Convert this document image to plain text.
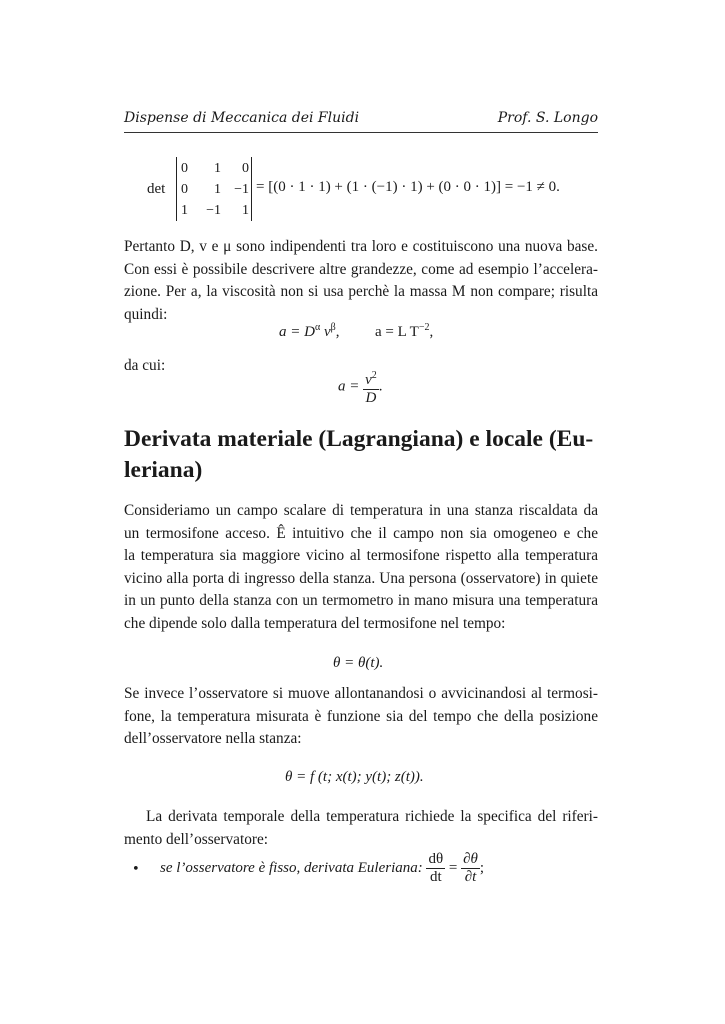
Dispense di Meccanica dei Fluidi	Prof. S. Longo
det
0	1	0
0	1	−1
1	−1	1
= [(0 · 1 · 1) + (1 · (−1) · 1) + (0 · 0 · 1)] = −1 ≠ 0.
Pertanto D, v e μ sono indipendenti tra loro e costituiscono una nuova base.
Con essi è possibile descrivere altre grandezze, come ad esempio l’accelera-
zione. Per a, la viscosità non si usa perchè la massa M non compare; risulta
quindi:
$a = D^\alpha$ $v^\beta$, a = L $T^{-2}$,
da cui:
$a = \frac{v^2}{D}$ .
Derivata materiale (Lagrangiana) e locale (Eu-
leriana)
Consideriamo un campo scalare di temperatura in una stanza riscaldata da
un termosifone acceso. Ê intuitivo che il campo non sia omogeneo e che
la temperatura sia maggiore vicino al termosifone rispetto alla temperatura
vicino alla porta di ingresso della stanza. Una persona (osservatore) in quiete
in un punto della stanza con un termometro in mano misura una temperatura
che dipende solo dalla temperatura del termosifone nel tempo:
θ = θ(t).
Se invece l’osservatore si muove allontanandosi o avvicinandosi al termosi-
fone, la temperatura misurata è funzione sia del tempo che della posizione
dell’osservatore nella stanza:
θ = f (t; x(t); y(t); z(t)).
La derivata temporale della temperatura richiede la specifica del riferi-
mento dell’osservatore:
• se l’osservatore è fisso, derivata Euleriana: $\frac{d\theta}{dt} = \frac{\partial\theta}{\partial t}$ ;
